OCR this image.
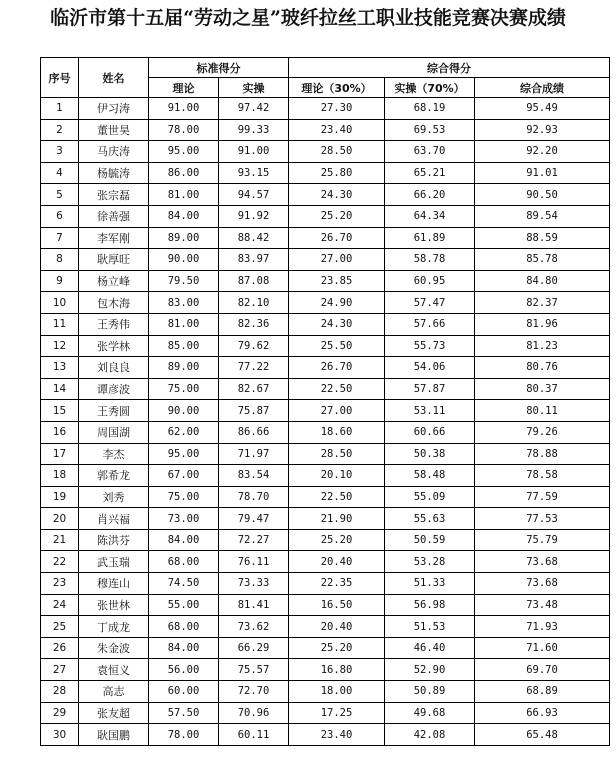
临沂市第十五届“劳动之星”玻纤拉丝工职业技能竞赛决赛成绩
序号	姓名	标准得分		综合得分		
		理论	实操	理论（30%）	实操（70%）	综合成绩
1	伊习涛	91.00	97.42	27.30	68.19	95.49
2	董世昊	78.00	99.33	23.40	69.53	92.93
3	马庆涛	95.00	91.00	28.50	63.70	92.20
4	杨毓涛	86.00	93.15	25.80	65.21	91.01
5	张宗磊	81.00	94.57	24.30	66.20	90.50
6	徐善强	84.00	91.92	25.20	64.34	89.54
7	李军刚	89.00	88.42	26.70	61.89	88.59
8	耿厚旺	90.00	83.97	27.00	58.78	85.78
9	杨立峰	79.50	87.08	23.85	60.95	84.80
10	包木海	83.00	82.10	24.90	57.47	82.37
11	王秀伟	81.00	82.36	24.30	57.66	81.96
12	张学林	85.00	79.62	25.50	55.73	81.23
13	刘良良	89.00	77.22	26.70	54.06	80.76
14	谭彦波	75.00	82.67	22.50	57.87	80.37
15	王秀圆	90.00	75.87	27.00	53.11	80.11
16	周国湖	62.00	86.66	18.60	60.66	79.26
17	李杰	95.00	71.97	28.50	50.38	78.88
18	郭希龙	67.00	83.54	20.10	58.48	78.58
19	刘秀	75.00	78.70	22.50	55.09	77.59
20	肖兴福	73.00	79.47	21.90	55.63	77.53
21	陈洪芬	84.00	72.27	25.20	50.59	75.79
22	武玉瑞	68.00	76.11	20.40	53.28	73.68
23	穆连山	74.50	73.33	22.35	51.33	73.68
24	张世林	55.00	81.41	16.50	56.98	73.48
25	丁成龙	68.00	73.62	20.40	51.53	71.93
26	朱金波	84.00	66.29	25.20	46.40	71.60
27	袁恒义	56.00	75.57	16.80	52.90	69.70
28	高志	60.00	72.70	18.00	50.89	68.89
29	张友超	57.50	70.96	17.25	49.68	66.93
30	耿国鹏	78.00	60.11	23.40	42.08	65.48
